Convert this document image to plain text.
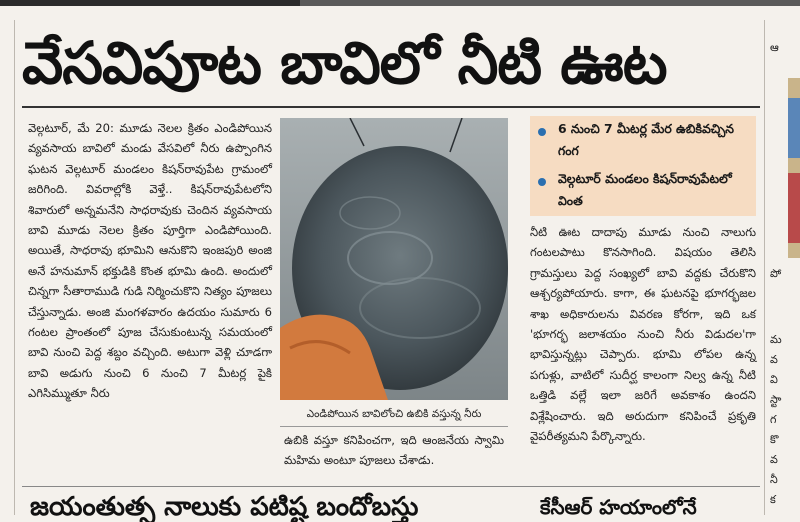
వేసవిపూట బావిలో నీటి ఊట

వెల్గటూర్, మే 20: మూడు నెలల క్రితం ఎండిపోయిన వ్యవసాయ బావిలో మండు వేసవిలో నీరు ఉప్పొంగిన ఘటన వెల్గటూర్ మండలం కిషన్‌రావుపేట గ్రామంలో జరిగింది. వివరాల్లోకి వెళ్తే.. కిషన్‌రావుపేటలోని శివారులో అన్నమనేని సాధరావుకు చెందిన వ్యవసాయ బావి మూడు నెలల క్రితం పూర్తిగా ఎండిపోయింది. అయితే, సాధరావు భూమిని ఆనుకొని ఇంజపురి అంజి అనే హనుమాన్ భక్తుడికి కొంత భూమి ఉంది. అందులో చిన్నగా సీతారాముడి గుడి నిర్మించుకొని నిత్యం పూజలు చేస్తున్నాడు. అంజి మంగళవారం ఉదయం సుమారు 6 గంటల ప్రాంతంలో పూజ చేసుకుంటున్న సమయంలో బావి నుంచి పెద్ద శబ్దం వచ్చింది. అటుగా వెళ్లి చూడగా బావి అడుగు నుంచి 6 నుంచి 7 మీటర్ల పైకి ఎగిసిమ్ముతూ నీరు

ఎండిపోయిన బావిలోంచి ఉబికి వస్తున్న నీరు

ఉబికి వస్తూ కనిపించగా, ఇది ఆంజనేయ స్వామి మహిమ అంటూ పూజలు చేశాడు.

6 నుంచి 7 మీటర్ల మేర ఉబికివచ్చిన గంగ
వెల్గటూర్ మండలం కిషన్‌రావుపేటలో వింత

నీటి ఊట దాదాపు మూడు నుంచి నాలుగు గంటలపాటు కొనసాగింది. విషయం తెలిసి గ్రామస్తులు పెద్ద సంఖ్యలో బావి వద్దకు చేరుకొని ఆశ్చర్యపోయారు. కాగా, ఈ ఘటనపై భూగర్భజల శాఖ అధికారులను వివరణ కోరగా, ఇది ఒక 'భూగర్భ జలాశయం నుంచి నీరు విడుదల'గా భావిస్తున్నట్లు చెప్పారు. భూమి లోపల ఉన్న పగుళ్లు, వాటిలో సుదీర్ఘ కాలంగా నిల్వ ఉన్న నీటి ఒత్తిడి వల్లే ఇలా జరిగే అవకాశం ఉందని విశ్లేషించారు. ఇది అరుదుగా కనిపించే ప్రకృతి వైపరీత్యమని పేర్కొన్నారు.

జయంతుత్స నాలుకు పటిష్ట బందోబస్తు	కేసీఆర్ హయాంలోనే
ఆ
పో
మ
వ
వి
స్టా
గ
కొ
వ
నీ
క
